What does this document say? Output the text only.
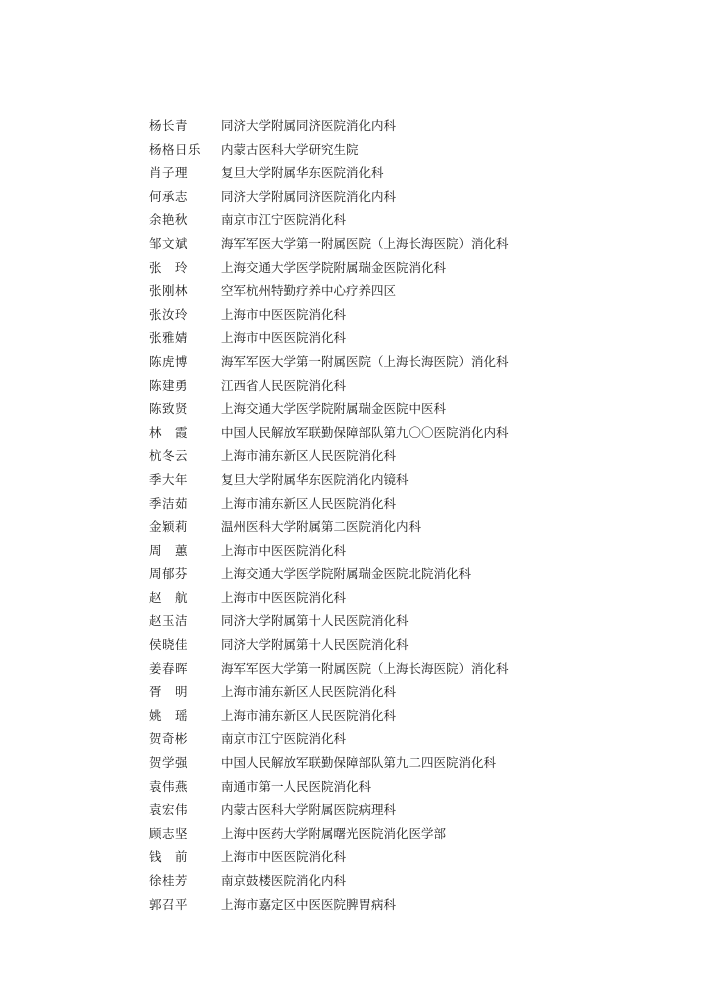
杨长青	同济大学附属同济医院消化内科
杨格日乐	内蒙古医科大学研究生院
肖子理	复旦大学附属华东医院消化科
何承志	同济大学附属同济医院消化内科
余艳秋	南京市江宁医院消化科
邹文斌	海军军医大学第一附属医院（上海长海医院）消化科
张　玲	上海交通大学医学院附属瑞金医院消化科
张刚林	空军杭州特勤疗养中心疗养四区
张汝玲	上海市中医医院消化科
张雅婧	上海市中医医院消化科
陈虎博	海军军医大学第一附属医院（上海长海医院）消化科
陈建勇	江西省人民医院消化科
陈致贤	上海交通大学医学院附属瑞金医院中医科
林　霞	中国人民解放军联勤保障部队第九〇〇医院消化内科
杭冬云	上海市浦东新区人民医院消化科
季大年	复旦大学附属华东医院消化内镜科
季洁茹	上海市浦东新区人民医院消化科
金颖莉	温州医科大学附属第二医院消化内科
周　蕙	上海市中医医院消化科
周郁芬	上海交通大学医学院附属瑞金医院北院消化科
赵　航	上海市中医医院消化科
赵玉洁	同济大学附属第十人民医院消化科
侯晓佳	同济大学附属第十人民医院消化科
姜春晖	海军军医大学第一附属医院（上海长海医院）消化科
胥　明	上海市浦东新区人民医院消化科
姚　瑶	上海市浦东新区人民医院消化科
贺奇彬	南京市江宁医院消化科
贺学强	中国人民解放军联勤保障部队第九二四医院消化科
袁伟燕	南通市第一人民医院消化科
袁宏伟	内蒙古医科大学附属医院病理科
顾志坚	上海中医药大学附属曙光医院消化医学部
钱　前	上海市中医医院消化科
徐桂芳	南京鼓楼医院消化内科
郭召平	上海市嘉定区中医医院脾胃病科
